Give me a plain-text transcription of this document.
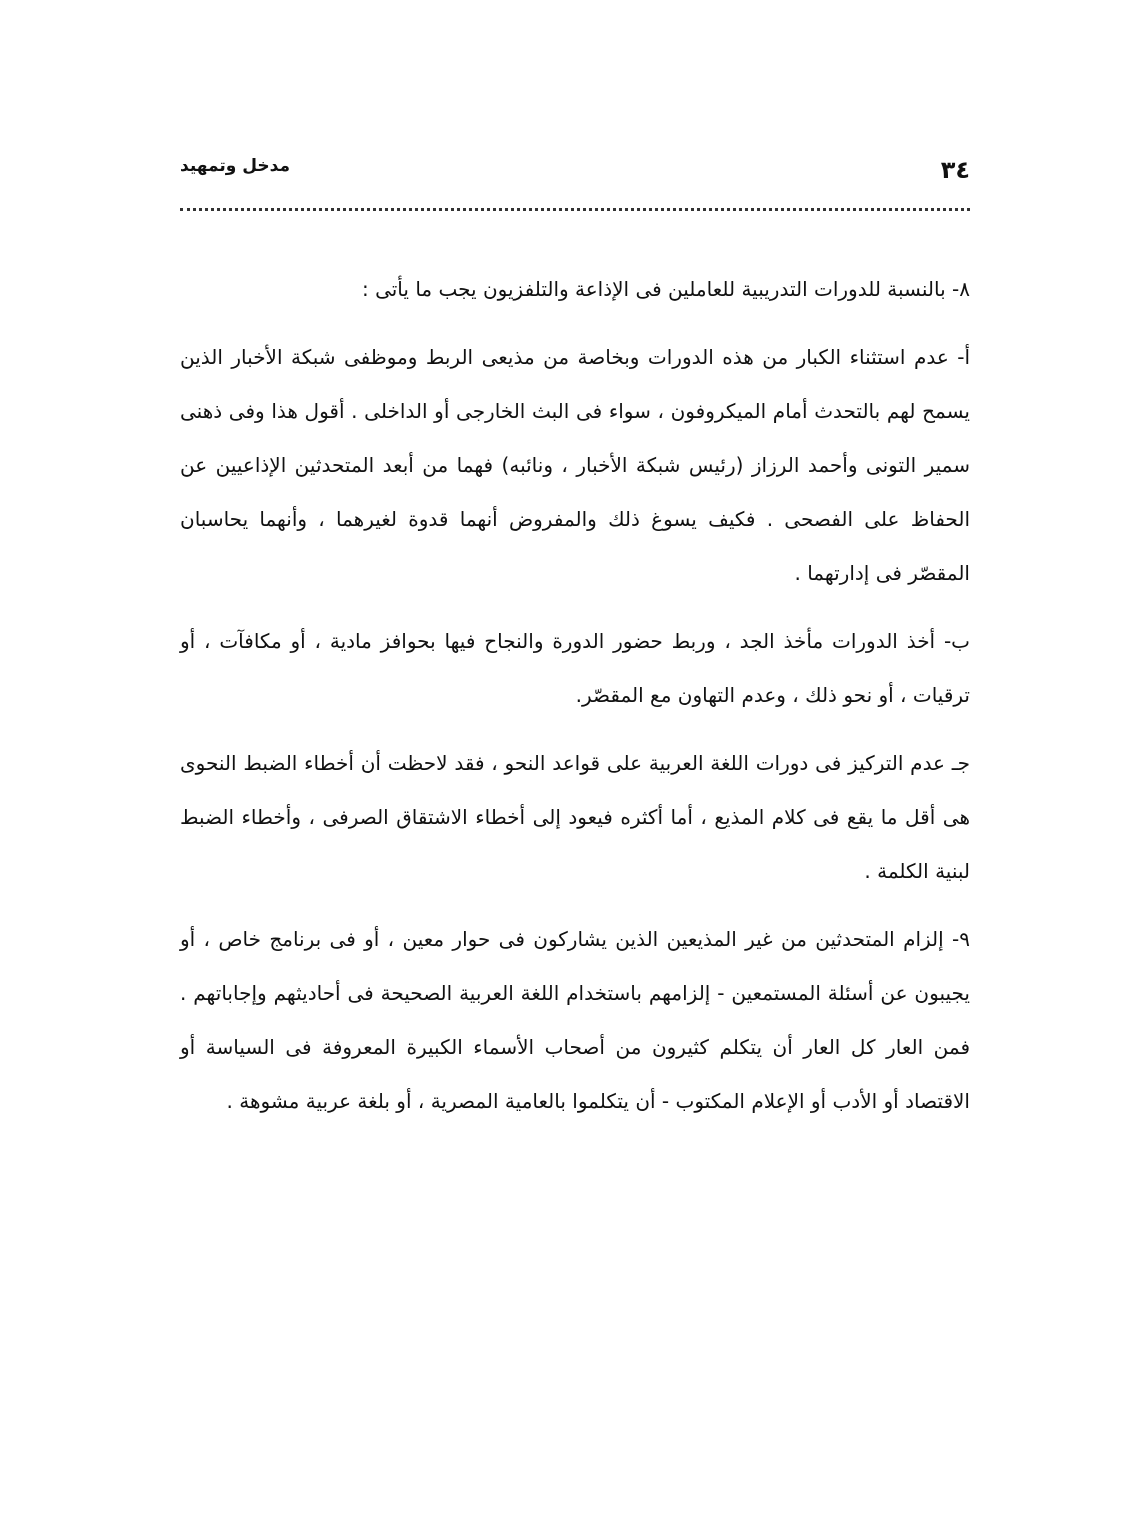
٣٤
مدخل وتمهيد

٨- بالنسبة للدورات التدريبية للعاملين فى الإذاعة والتلفزيون يجب ما يأتى :

أ- عدم استثناء الكبار من هذه الدورات وبخاصة من مذيعى الربط وموظفى شبكة الأخبار الذين يسمح لهم بالتحدث أمام الميكروفون ، سواء فى البث الخارجى أو الداخلى . أقول هذا وفى ذهنى سمير التونى وأحمد الرزاز (رئيس شبكة الأخبار ، ونائبه) فهما من أبعد المتحدثين الإذاعيين عن الحفاظ على الفصحى . فكيف يسوغ ذلك والمفروض أنهما قدوة لغيرهما ، وأنهما يحاسبان المقصّر فى إدارتهما .

ب- أخذ الدورات مأخذ الجد ، وربط حضور الدورة والنجاح فيها بحوافز مادية ، أو مكافآت ، أو ترقيات ، أو نحو ذلك ، وعدم التهاون مع المقصّر.

جـ عدم التركيز فى دورات اللغة العربية على قواعد النحو ، فقد لاحظت أن أخطاء الضبط النحوى هى أقل ما يقع فى كلام المذيع ، أما أكثره فيعود إلى أخطاء الاشتقاق الصرفى ، وأخطاء الضبط لبنية الكلمة .

٩- إلزام المتحدثين من غير المذيعين الذين يشاركون فى حوار معين ، أو فى برنامج خاص ، أو يجيبون عن أسئلة المستمعين - إلزامهم باستخدام اللغة العربية الصحيحة فى أحاديثهم وإجاباتهم . فمن العار كل العار أن يتكلم كثيرون من أصحاب الأسماء الكبيرة المعروفة فى السياسة أو الاقتصاد أو الأدب أو الإعلام المكتوب - أن يتكلموا بالعامية المصرية ، أو بلغة عربية مشوهة .
